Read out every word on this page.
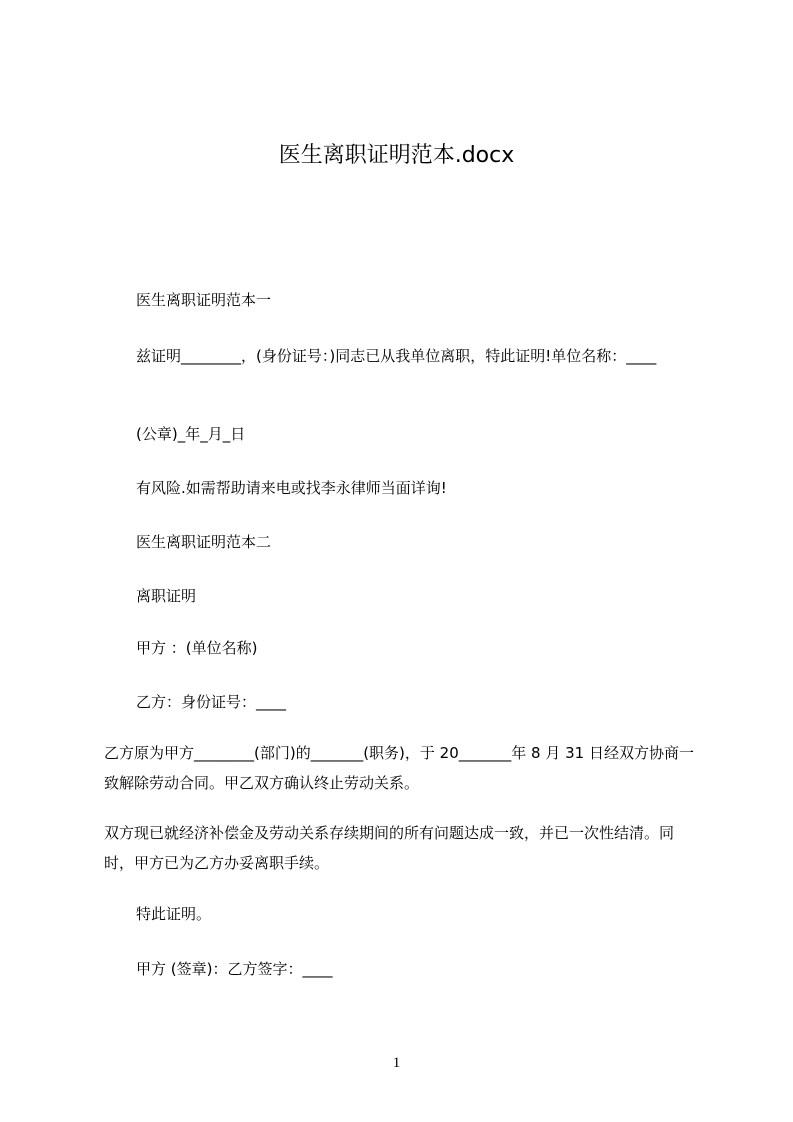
医生离职证明范本.docx
医生离职证明范本一
兹证明________，(身份证号：)同志已从我单位离职，特此证明!单位名称：____
(公章)_年_月_日
有风险.如需帮助请来电或找李永律师当面详询!
医生离职证明范本二
离职证明
甲方 ：(单位名称)
乙方：身份证号：____
乙方原为甲方________(部门)的_______(职务)，于 20_______年 8 月 31 日经双方协商一致解除劳动合同。甲乙双方确认终止劳动关系。
双方现已就经济补偿金及劳动关系存续期间的所有问题达成一致，并已一次性结清。同时，甲方已为乙方办妥离职手续。
特此证明。
甲方 (签章)：乙方签字：____
1
